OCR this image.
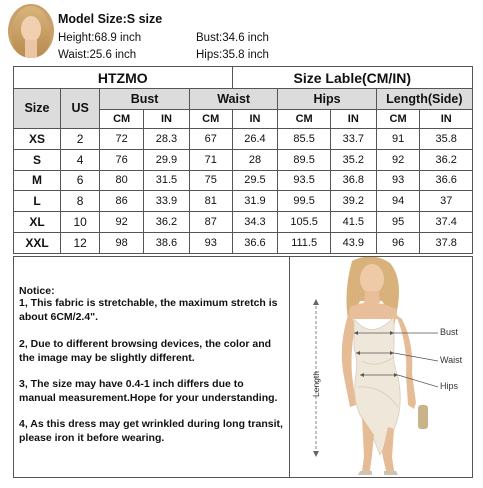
Model Size:S size
Height:68.9 inch	Bust:34.6 inch
Waist:25.6 inch	Hips:35.8 inch
HTZMO					Size Lable(CM/IN)				
Size	US	Bust		Waist		Hips		Length(Side)	
		CM	IN	CM	IN	CM	IN	CM	IN
XS	2	72	28.3	67	26.4	85.5	33.7	91	35.8
S	4	76	29.9	71	28	89.5	35.2	92	36.2
M	6	80	31.5	75	29.5	93.5	36.8	93	36.6
L	8	86	33.9	81	31.9	99.5	39.2	94	37
XL	10	92	36.2	87	34.3	105.5	41.5	95	37.4
XXL	12	98	38.6	93	36.6	111.5	43.9	96	37.8
Notice:
1, This fabric is stretchable, the maximum stretch is about 6CM/2.4".
2, Due to different browsing devices, the color and the image may be slightly different.
3, The size may have 0.4-1 inch differs due to manual measurement.Hope for your understanding.
4, As this dress may get wrinkled during long transit, please iron it before wearing.
Bust
Waist
Hips
Length
